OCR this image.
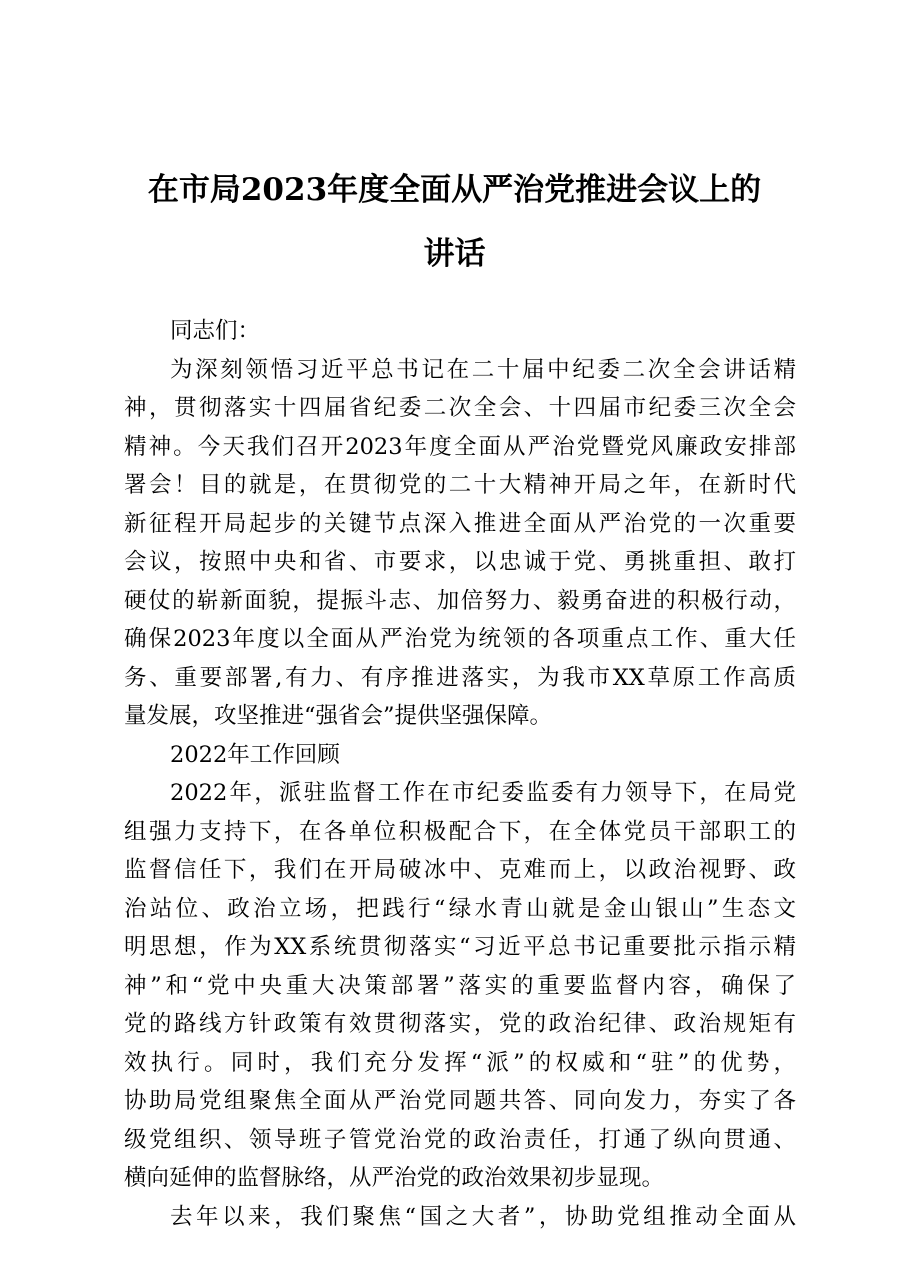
在市局2023年度全面从严治党推进会议上的
讲话
同志们：
为深刻领悟习近平总书记在二十届中纪委二次全会讲话精
神，贯彻落实十四届省纪委二次全会、十四届市纪委三次全会
精神。今天我们召开2023年度全面从严治党暨党风廉政安排部
署会！目的就是，在贯彻党的二十大精神开局之年，在新时代
新征程开局起步的关键节点深入推进全面从严治党的一次重要
会议，按照中央和省、市要求，以忠诚于党、勇挑重担、敢打
硬仗的崭新面貌，提振斗志、加倍努力、毅勇奋进的积极行动，
确保2023年度以全面从严治党为统领的各项重点工作、重大任
务、重要部署,有力、有序推进落实，为我市XX草原工作高质
量发展，攻坚推进“强省会”提供坚强保障。
2022年工作回顾
2022年，派驻监督工作在市纪委监委有力领导下，在局党
组强力支持下，在各单位积极配合下，在全体党员干部职工的
监督信任下，我们在开局破冰中、克难而上，以政治视野、政
治站位、政治立场，把践行“绿水青山就是金山银山”生态文
明思想，作为XX系统贯彻落实“习近平总书记重要批示指示精
神”和“党中央重大决策部署”落实的重要监督内容，确保了
党的路线方针政策有效贯彻落实，党的政治纪律、政治规矩有
效执行。同时，我们充分发挥“派”的权威和“驻”的优势，
协助局党组聚焦全面从严治党同题共答、同向发力，夯实了各
级党组织、领导班子管党治党的政治责任，打通了纵向贯通、
横向延伸的监督脉络，从严治党的政治效果初步显现。
去年以来，我们聚焦“国之大者”，协助党组推动全面从
